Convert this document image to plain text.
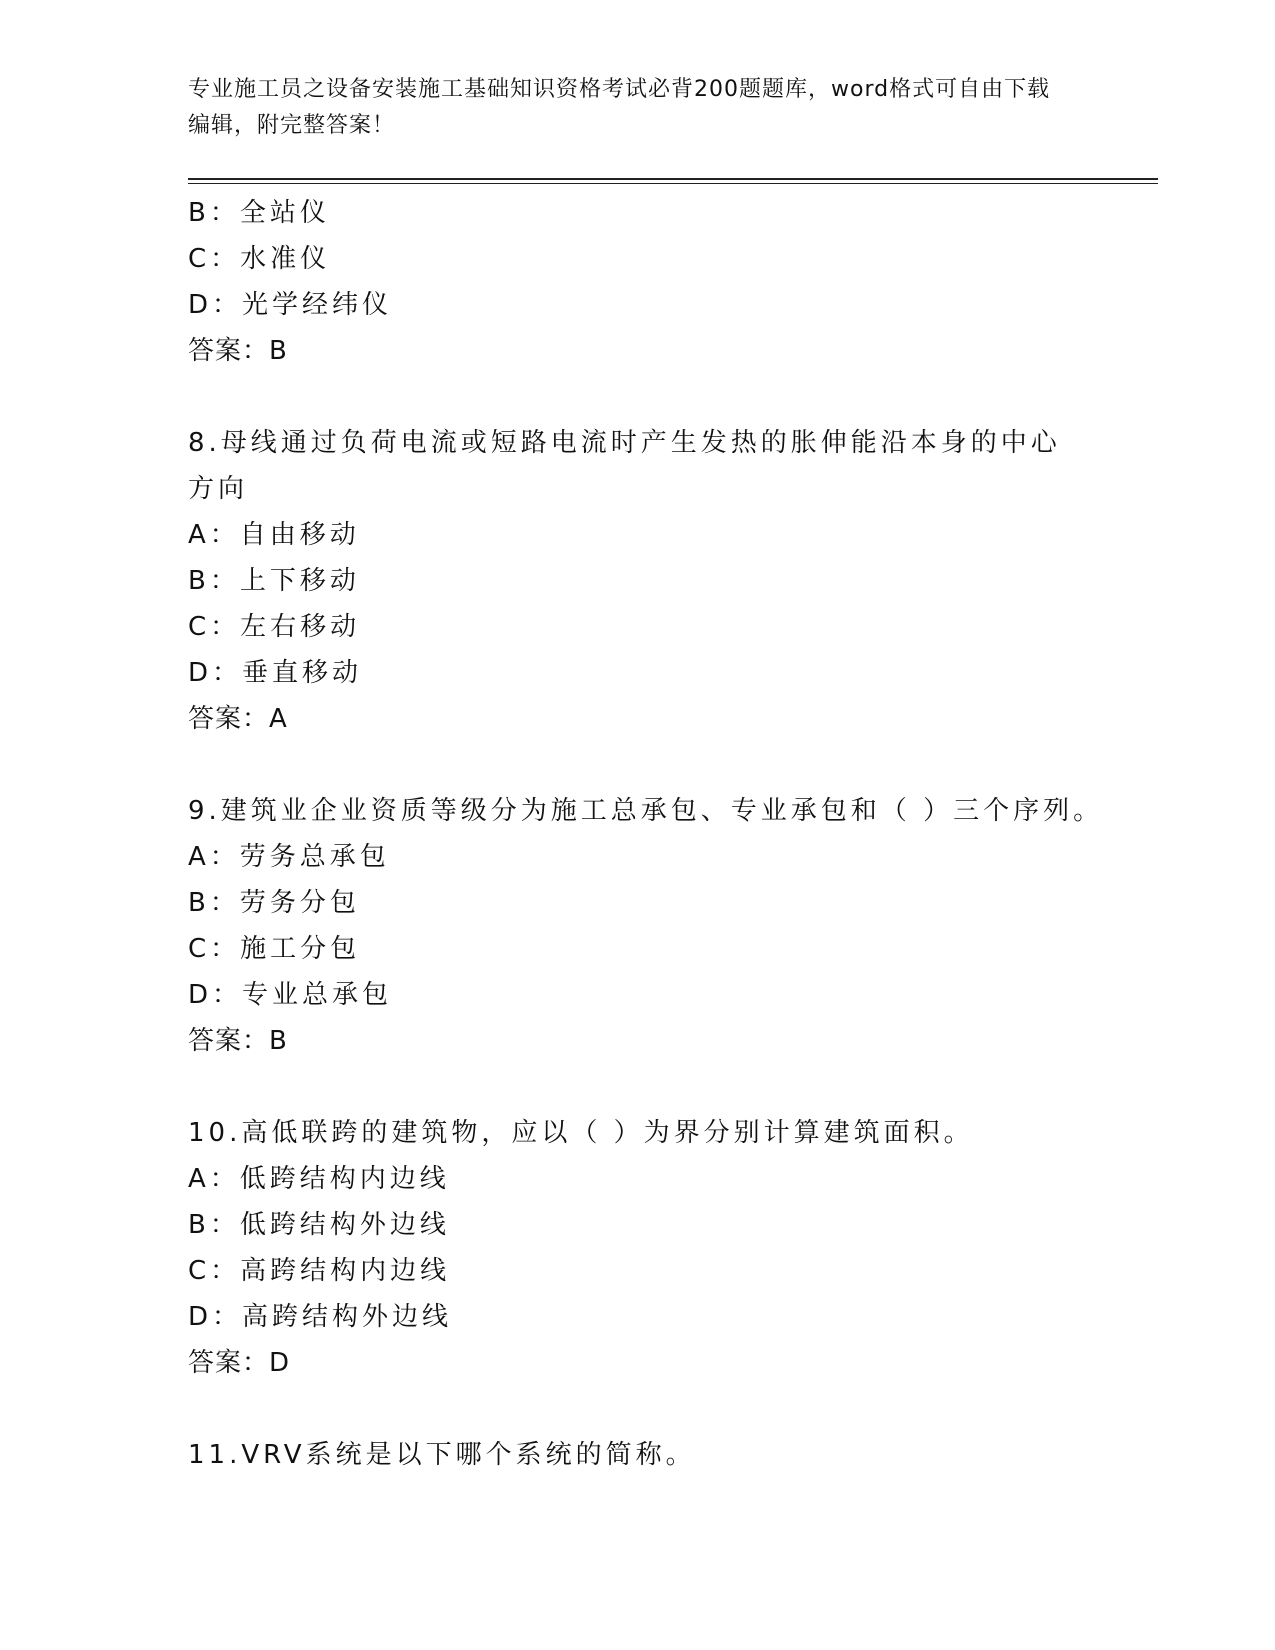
专业施工员之设备安装施工基础知识资格考试必背200题题库，word格式可自由下载编辑，附完整答案！
B：全站仪
C：水准仪
D：光学经纬仪
答案：B
8.母线通过负荷电流或短路电流时产生发热的胀伸能沿本身的中心方向
A：自由移动
B：上下移动
C：左右移动
D：垂直移动
答案：A
9.建筑业企业资质等级分为施工总承包、专业承包和（ ）三个序列。
A：劳务总承包
B：劳务分包
C：施工分包
D：专业总承包
答案：B
10.高低联跨的建筑物，应以（ ）为界分别计算建筑面积。
A：低跨结构内边线
B：低跨结构外边线
C：高跨结构内边线
D：高跨结构外边线
答案：D
11.VRV系统是以下哪个系统的简称。
